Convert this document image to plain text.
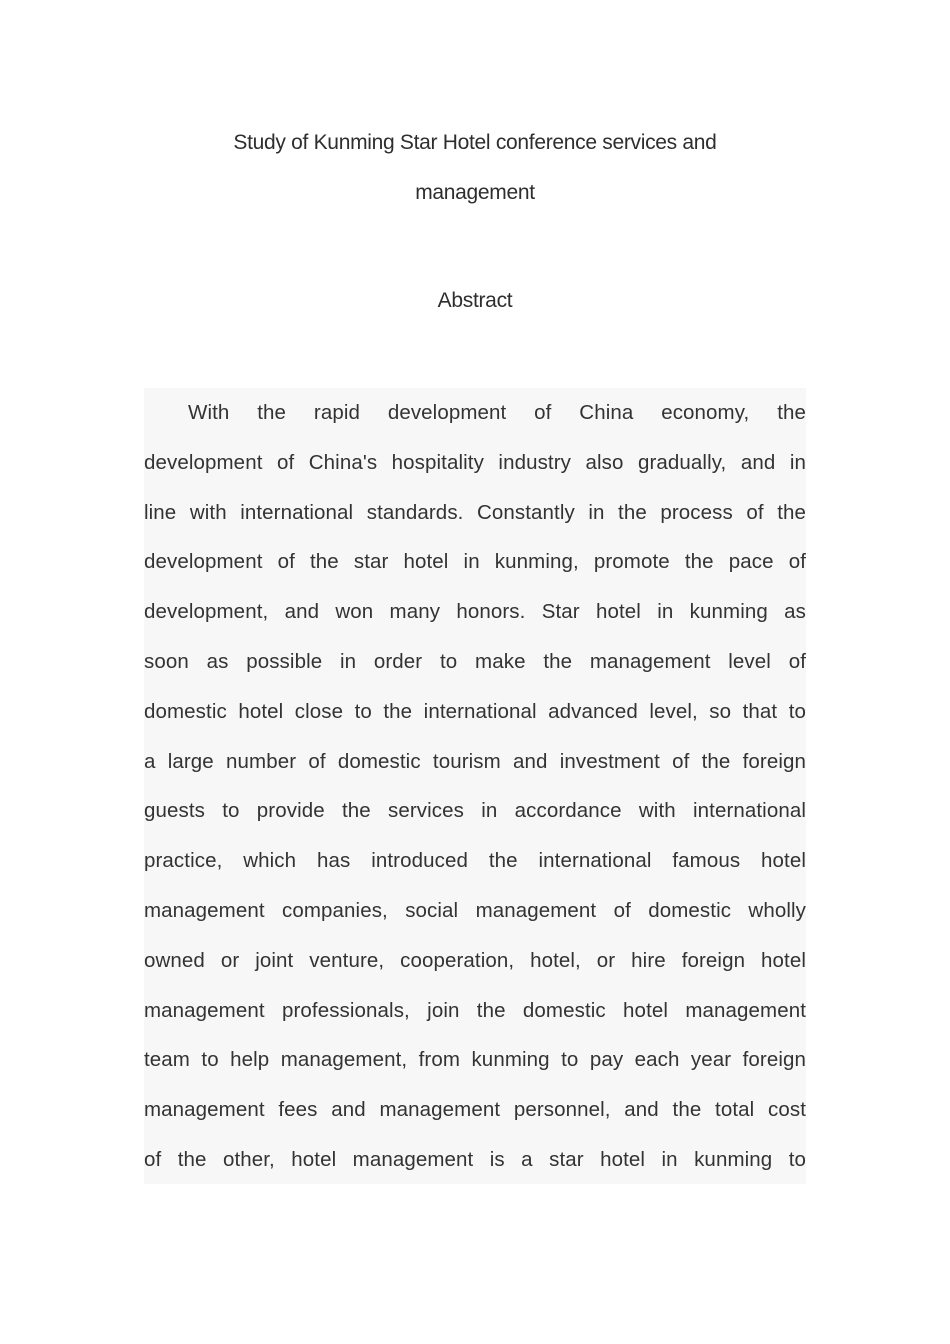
Study of Kunming Star Hotel conference services and
management
Abstract
With the rapid development of China economy, the
development of China's hospitality industry also gradually, and in
line with international standards. Constantly in the process of the
development of the star hotel in kunming, promote the pace of
development, and won many honors. Star hotel in kunming as
soon as possible in order to make the management level of
domestic hotel close to the international advanced level, so that to
a large number of domestic tourism and investment of the foreign
guests to provide the services in accordance with international
practice, which has introduced the international famous hotel
management companies, social management of domestic wholly
owned or joint venture, cooperation, hotel, or hire foreign hotel
management professionals, join the domestic hotel management
team to help management, from kunming to pay each year foreign
management fees and management personnel, and the total cost
of the other, hotel management is a star hotel in kunming to
